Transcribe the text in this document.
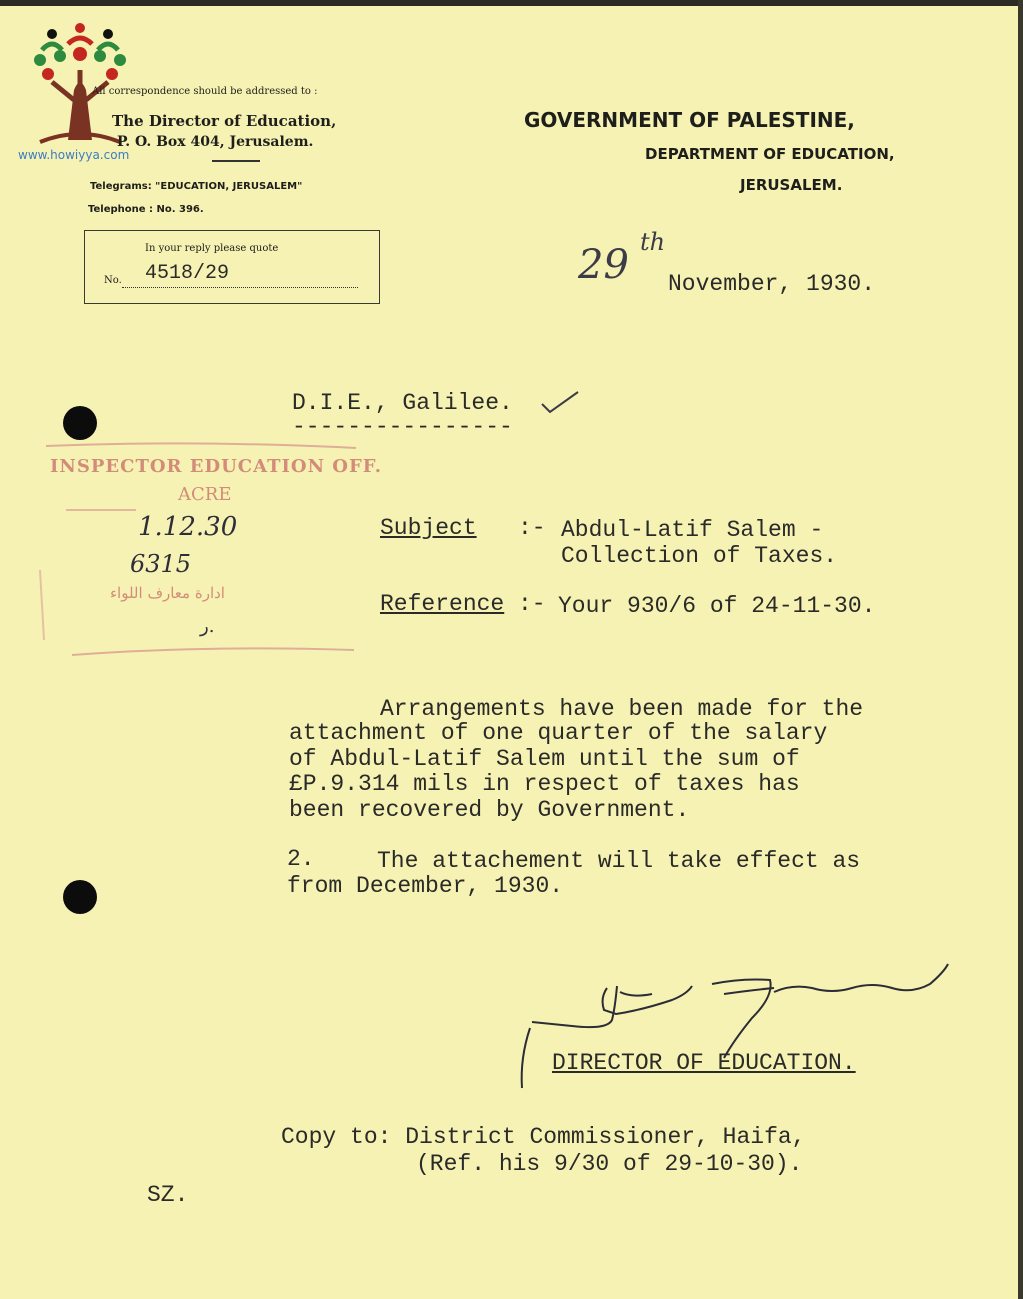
www.howiyya.com
All correspondence should be addressed to :
The Director of Education,
P. O. Box 404, Jerusalem.
Telegrams: "EDUCATION, JERUSALEM"
Telephone : No. 396.
In your reply please quote
No. 4518/29
GOVERNMENT OF PALESTINE,
DEPARTMENT OF EDUCATION,
JERUSALEM.
29 th
November, 1930.
D.I.E., Galilee.
----------------
INSPECTOR EDUCATION OFF.
ACRE
ادارة معارف اللواء
1.12.30
6315
ر.
Subject :- Abdul-Latif Salem -
Collection of Taxes.
Reference :- Your 930/6 of 24-11-30.
Arrangements have been made for the
attachment of one quarter of the salary
of Abdul-Latif Salem until the sum of
£P.9.314 mils in respect of taxes has
been recovered by Government.
2.	The attachement will take effect as
from December, 1930.
DIRECTOR OF EDUCATION.
Copy to: District Commissioner, Haifa,
(Ref. his 9/30 of 29-10-30).
SZ.
